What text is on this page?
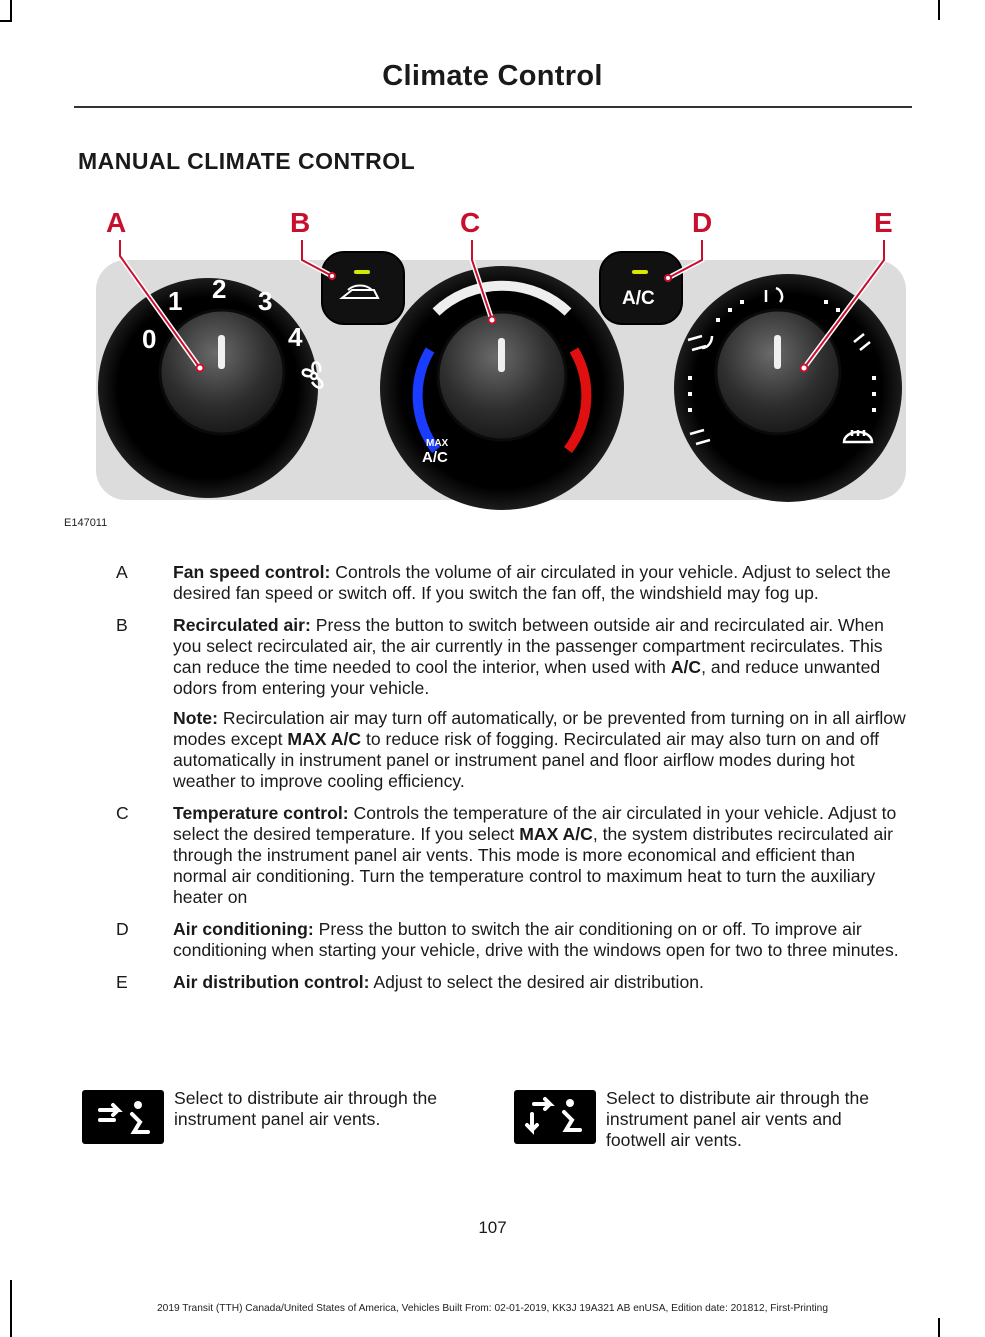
Climate Control
MANUAL CLIMATE CONTROL
0
1 2 3
4
MAX
A/C
A/C
A	B	C	D	E
E147011
A	Fan speed control: Controls the volume of air circulated in your vehicle. Adjust to select the desired fan speed or switch off. If you switch the fan off, the windshield may fog up.
B	Recirculated air: Press the button to switch between outside air and recirculated air. When you select recirculated air, the air currently in the passenger compartment recirculates. This can reduce the time needed to cool the interior, when used with A/C, and reduce unwanted odors from entering your vehicle.
Note: Recirculation air may turn off automatically, or be prevented from turning on in all airflow modes except MAX A/C to reduce risk of fogging. Recirculated air may also turn on and off automatically in instrument panel or instrument panel and floor airflow modes during hot weather to improve cooling efficiency.
C	Temperature control: Controls the temperature of the air circulated in your vehicle. Adjust to select the desired temperature. If you select MAX A/C, the system distributes recirculated air through the instrument panel air vents. This mode is more economical and efficient than normal air conditioning. Turn the temperature control to maximum heat to turn the auxiliary heater on
D	Air conditioning: Press the button to switch the air conditioning on or off. To improve air conditioning when starting your vehicle, drive with the windows open for two to three minutes.
E	Air distribution control: Adjust to select the desired air distribution.
Select to distribute air through the instrument panel air vents.
Select to distribute air through the instrument panel air vents and footwell air vents.
107
2019 Transit (TTH) Canada/United States of America, Vehicles Built From: 02-01-2019, KK3J 19A321 AB enUSA, Edition date: 201812, First-Printing
